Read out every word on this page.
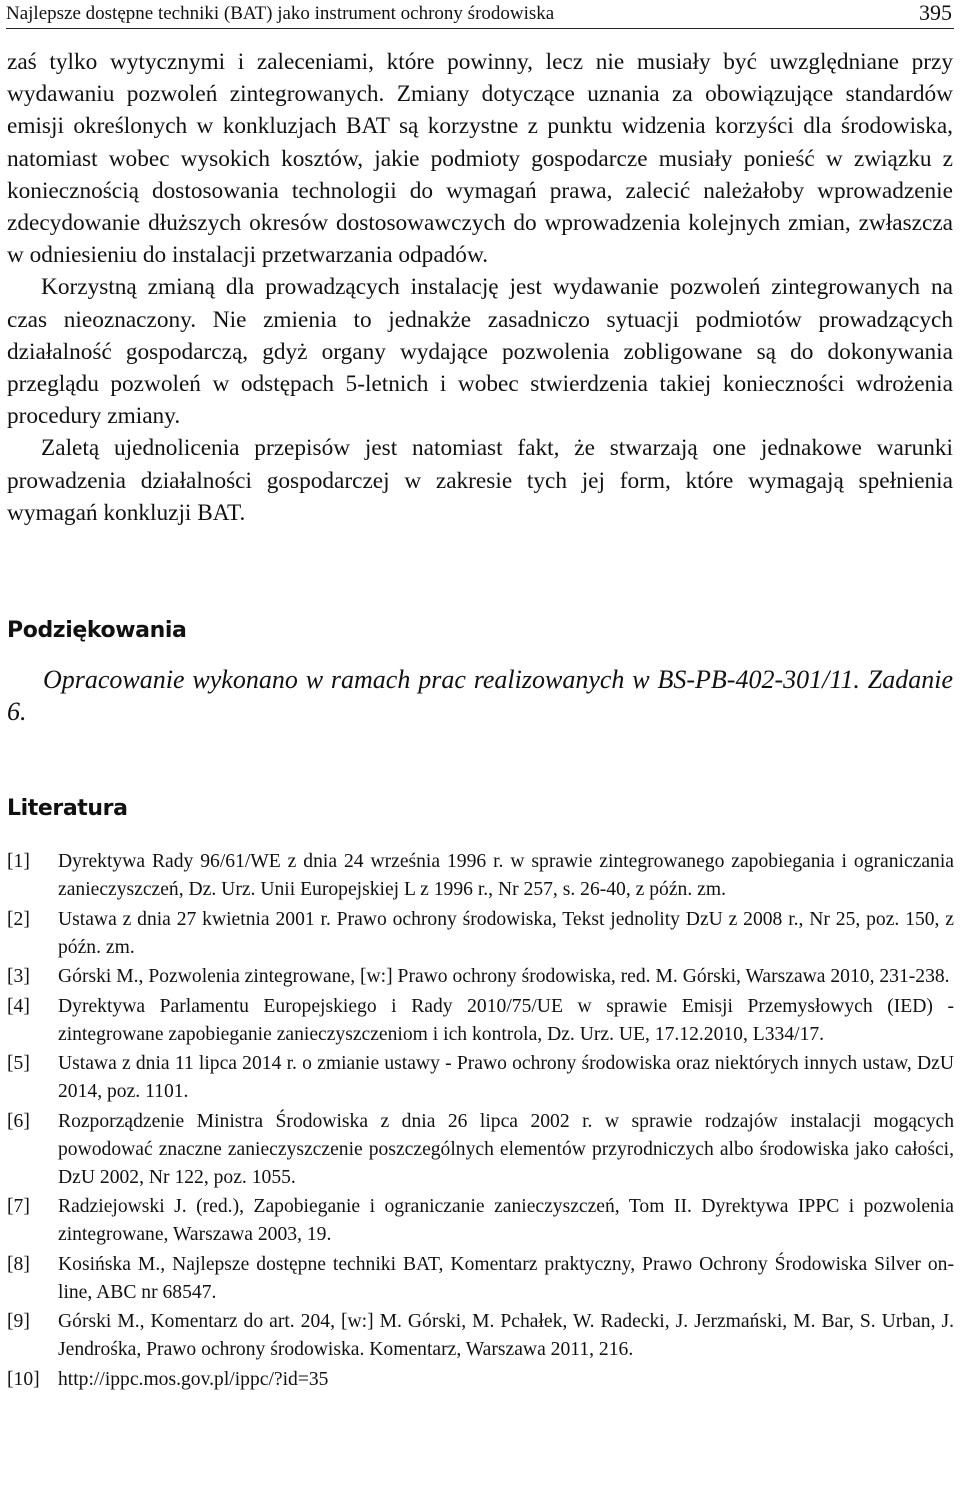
Najlepsze dostępne techniki (BAT) jako instrument ochrony środowiska	395

zaś tylko wytycznymi i zaleceniami, które powinny, lecz nie musiały być uwzględniane przy wydawaniu pozwoleń zintegrowanych. Zmiany dotyczące uznania za obowiązujące standardów emisji określonych w konkluzjach BAT są korzystne z punktu widzenia korzyści dla środowiska, natomiast wobec wysokich kosztów, jakie podmioty gospodarcze musiały ponieść w związku z koniecznością dostosowania technologii do wymagań prawa, zalecić należałoby wprowadzenie zdecydowanie dłuższych okresów dostosowawczych do wprowadzenia kolejnych zmian, zwłaszcza w odniesieniu do instalacji przetwarzania odpadów.

Korzystną zmianą dla prowadzących instalację jest wydawanie pozwoleń zintegrowanych na czas nieoznaczony. Nie zmienia to jednakże zasadniczo sytuacji podmiotów prowadzących działalność gospodarczą, gdyż organy wydające pozwolenia zobligowane są do dokonywania przeglądu pozwoleń w odstępach 5-letnich i wobec stwierdzenia takiej konieczności wdrożenia procedury zmiany.

Zaletą ujednolicenia przepisów jest natomiast fakt, że stwarzają one jednakowe warunki prowadzenia działalności gospodarczej w zakresie tych jej form, które wymagają spełnienia wymagań konkluzji BAT.

Podziękowania

Opracowanie wykonano w ramach prac realizowanych w BS-PB-402-301/11. Zadanie 6.

Literatura
[1] Dyrektywa Rady 96/61/WE z dnia 24 września 1996 r. w sprawie zintegrowanego zapobiegania i ograniczania zanieczyszczeń, Dz. Urz. Unii Europejskiej L z 1996 r., Nr 257, s. 26-40, z późn. zm.
[2] Ustawa z dnia 27 kwietnia 2001 r. Prawo ochrony środowiska, Tekst jednolity DzU z 2008 r., Nr 25, poz. 150, z późn. zm.
[3] Górski M., Pozwolenia zintegrowane, [w:] Prawo ochrony środowiska, red. M. Górski, Warszawa 2010, 231-238.
[4] Dyrektywa Parlamentu Europejskiego i Rady 2010/75/UE w sprawie Emisji Przemysłowych (IED) - zintegrowane zapobieganie zanieczyszczeniom i ich kontrola, Dz. Urz. UE, 17.12.2010, L334/17.
[5] Ustawa z dnia 11 lipca 2014 r. o zmianie ustawy - Prawo ochrony środowiska oraz niektórych innych ustaw, DzU 2014, poz. 1101.
[6] Rozporządzenie Ministra Środowiska z dnia 26 lipca 2002 r. w sprawie rodzajów instalacji mogących powodować znaczne zanieczyszczenie poszczególnych elementów przyrodniczych albo środowiska jako całości, DzU 2002, Nr 122, poz. 1055.
[7] Radziejowski J. (red.), Zapobieganie i ograniczanie zanieczyszczeń, Tom II. Dyrektywa IPPC i pozwolenia zintegrowane, Warszawa 2003, 19.
[8] Kosińska M., Najlepsze dostępne techniki BAT, Komentarz praktyczny, Prawo Ochrony Środowiska Silver on-line, ABC nr 68547.
[9] Górski M., Komentarz do art. 204, [w:] M. Górski, M. Pchałek, W. Radecki, J. Jerzmański, M. Bar, S. Urban, J. Jendrośka, Prawo ochrony środowiska. Komentarz, Warszawa 2011, 216.
[10] http://ippc.mos.gov.pl/ippc/?id=35
